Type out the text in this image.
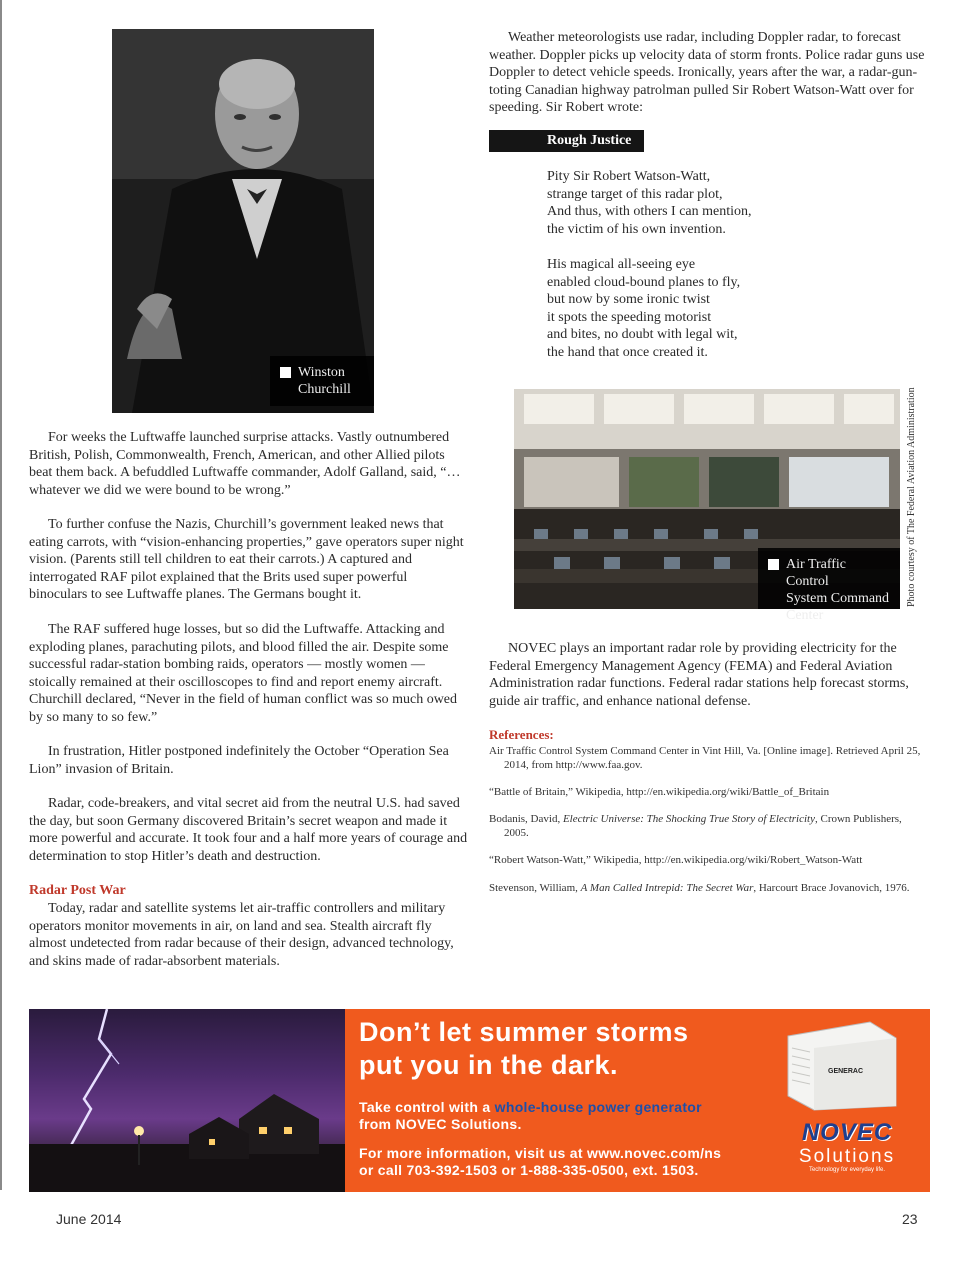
Winston
Churchill

Weather meteorologists use radar, including Doppler radar, to forecast weather. Doppler picks up velocity data of storm fronts. Police radar guns use Doppler to detect vehicle speeds. Ironically, years after the war, a radar-gun-toting Canadian highway patrolman pulled Sir Robert Watson-Watt over for speeding. Sir Robert wrote:

Rough Justice
Pity Sir Robert Watson-Watt,
strange target of this radar plot,
And thus, with others I can mention,
the victim of his own invention.
His magical all-seeing eye
enabled cloud-bound planes to fly,
but now by some ironic twist
it spots the speeding motorist
and bites, no doubt with legal wit,
the hand that once created it.
Air Traffic Control
System Command
Center
Photo courtesy of The Federal Aviation Administration

For weeks the Luftwaffe launched surprise attacks. Vastly outnumbered British, Polish, Commonwealth, French, American, and other Allied pilots beat them back. A befuddled Luftwaffe commander, Adolf Galland, said, “… whatever we did we were bound to be wrong.”

To further confuse the Nazis, Churchill’s government leaked news that eating carrots, with “vision-enhancing properties,” gave operators super night vision. (Parents still tell children to eat their carrots.) A captured and interrogated RAF pilot explained that the Brits used super powerful binoculars to see Luftwaffe planes. The Germans bought it.

The RAF suffered huge losses, but so did the Luftwaffe. Attacking and exploding planes, parachuting pilots, and blood filled the air. Despite some successful radar-station bombing raids, operators — mostly women — stoically remained at their oscilloscopes to find and report enemy aircraft. Churchill declared, “Never in the field of human conflict was so much owed by so many to so few.”

In frustration, Hitler postponed indefinitely the October “Operation Sea Lion” invasion of Britain.

Radar, code-breakers, and vital secret aid from the neutral U.S. had saved the day, but soon Germany discovered Britain’s secret weapon and made it more powerful and accurate. It took four and a half more years of courage and determination to stop Hitler’s death and destruction.

Radar Post War

Today, radar and satellite systems let air-traffic controllers and military operators monitor movements in air, on land and sea. Stealth aircraft fly almost undetected from radar because of their design, advanced technology, and skins made of radar-absorbent materials.

NOVEC plays an important radar role by providing electricity for the Federal Emergency Management Agency (FEMA) and Federal Aviation Administration radar functions. Federal radar stations help forecast storms, guide air traffic, and enhance national defense.

References:
Air Traffic Control System Command Center in Vint Hill, Va. [Online image]. Retrieved April 25, 2014, from http://www.faa.gov.
“Battle of Britain,” Wikipedia, http://en.wikipedia.org/wiki/Battle_of_Britain
Bodanis, David, Electric Universe: The Shocking True Story of Electricity, Crown Publishers, 2005.
“Robert Watson-Watt,” Wikipedia, http://en.wikipedia.org/wiki/Robert_Watson-Watt
Stevenson, William, A Man Called Intrepid: The Secret War, Harcourt Brace Jovanovich, 1976.
Don’t let summer storms
put you in the dark.
Take control with a whole-house power generator
from NOVEC Solutions.
For more information, visit us at www.novec.com/ns
or call 703-392-1503 or 1-888-335-0500, ext. 1503.
GENERAC
NOVEC
Solutions
Technology for everyday life.
June 2014	23
